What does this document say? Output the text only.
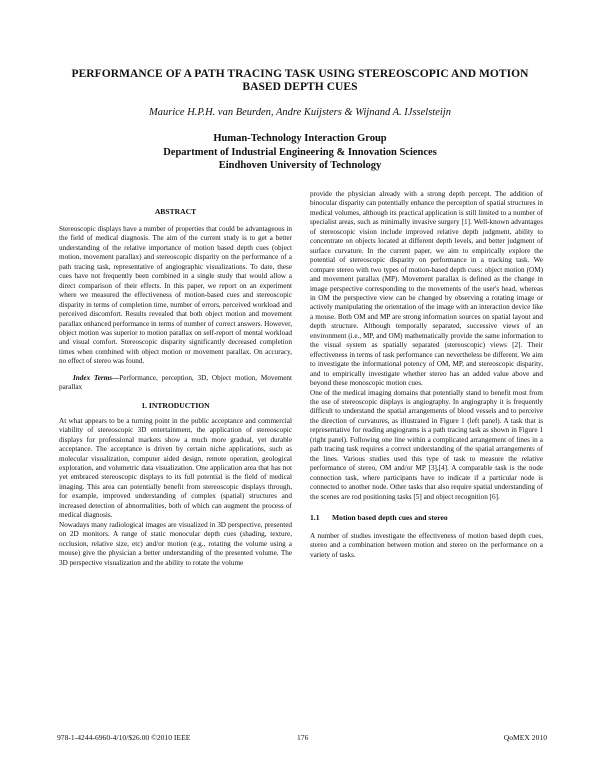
PERFORMANCE OF A PATH TRACING TASK USING STEREOSCOPIC AND MOTION
BASED DEPTH CUES
Maurice H.P.H. van Beurden, Andre Kuijsters & Wijnand A. IJsselsteijn
Human-Technology Interaction Group
Department of Industrial Engineering & Innovation Sciences
Eindhoven University of Technology
ABSTRACT

Stereoscopic displays have a number of properties that could be advantageous in the field of medical diagnosis. The aim of the current study is to get a better understanding of the relative importance of motion based depth cues (object motion, movement parallax) and stereoscopic disparity on the performance of a path tracing task, representative of angiographic visualizations. To date, these cues have not frequently been combined in a single study that would allow a direct comparison of their effects. In this paper, we report on an experiment where we measured the effectiveness of motion-based cues and stereoscopic disparity in terms of completion time, number of errors, perceived workload and perceived discomfort. Results revealed that both object motion and movement parallax enhanced performance in terms of number of correct answers. However, object motion was superior to motion parallax on self-report of mental workload and visual comfort. Stereoscopic disparity significantly decreased completion times when combined with object motion or movement parallax. On accuracy, no effect of stereo was found.

Index Terms—Performance, perception, 3D, Object motion, Movement parallax

1. INTRODUCTION

At what appears to be a turning point in the public acceptance and commercial viability of stereoscopic 3D entertainment, the application of stereoscopic displays for professional markets show a much more gradual, yet durable acceptance. The acceptance is driven by certain niche applications, such as molecular visualization, computer aided design, remote operation, geological exploration, and volumetric data visualization. One application area that has not yet embraced stereoscopic displays to its full potential is the field of medical imaging. This area can potentially benefit from stereoscopic displays through, for example, improved understanding of complex (spatial) structures and increased detection of abnormalities, both of which can augment the process of medical diagnosis.

Nowadays many radiological images are visualized in 3D perspective, presented on 2D monitors. A range of static monocular depth cues (shading, texture, occlusion, relative size, etc) and/or motion (e.g., rotating the volume using a mouse) give the physician a better understanding of the presented volume. The 3D perspective visualization and the ability to rotate the volume

provide the physician already with a strong depth percept. The addition of binocular disparity can potentially enhance the perception of spatial structures in medical volumes, although its practical application is still limited to a number of specialist areas, such as minimally invasive surgery [1]. Well-known advantages of stereoscopic vision include improved relative depth judgment, ability to concentrate on objects located at different depth levels, and better judgment of surface curvature. In the current paper, we aim to empirically explore the potential of stereoscopic disparity on performance in a tracking task. We compare stereo with two types of motion-based depth cues: object motion (OM) and movement parallax (MP). Movement parallax is defined as the change in image perspective corresponding to the movements of the user's head, whereas in OM the perspective view can be changed by observing a rotating image or actively manipulating the orientation of the image with an interaction device like a mouse. Both OM and MP are strong information sources on spatial layout and depth structure. Although temporally separated, successive views of an environment (i.e., MP, and OM) mathematically provide the same information to the visual system as spatially separated (stereoscopic) views [2]. Their effectiveness in terms of task performance can nevertheless be different. We aim to investigate the informational potency of OM, MP, and stereoscopic disparity, and to empirically investigate whether stereo has an added value above and beyond these monoscopic motion cues.

One of the medical imaging domains that potentially stand to benefit most from the use of stereoscopic displays is angiography. In angiography it is frequently difficult to understand the spatial arrangements of blood vessels and to perceive the direction of curvatures, as illustrated in Figure 1 (left panel). A task that is representative for reading angiograms is a path tracing task as shown in Figure 1 (right panel). Following one line within a complicated arrangement of lines in a path tracing task requires a correct understanding of the spatial arrangements of the lines. Various studies used this type of task to measure the relative performance of stereo, OM and/or MP [3],[4]. A comparable task is the node connection task, where participants have to indicate if a particular node is connected to another node. Other tasks that also require spatial understanding of the scenes are rod positioning tasks [5] and object recognition [6].

1.1 Motion based depth cues and stereo

A number of studies investigate the effectiveness of motion based depth cues, stereo and a combination between motion and stereo on the performance on a variety of tasks.

978-1-4244-6960-4/10/$26.00 ©2010 IEEE	176	QoMEX 2010
